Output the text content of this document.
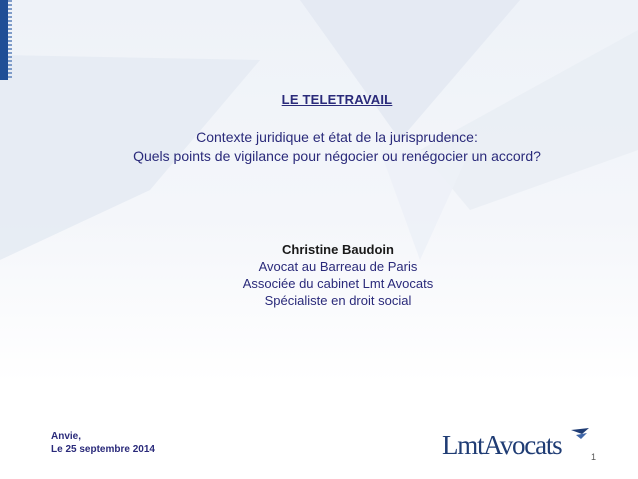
LE TELETRAVAIL
Contexte juridique et état de la jurisprudence:
Quels points de vigilance pour négocier ou renégocier un accord?
Christine Baudoin
Avocat au Barreau de Paris
Associée du cabinet Lmt Avocats
Spécialiste en droit social
Anvie,
Le 25 septembre 2014	LmtAvocats	1
